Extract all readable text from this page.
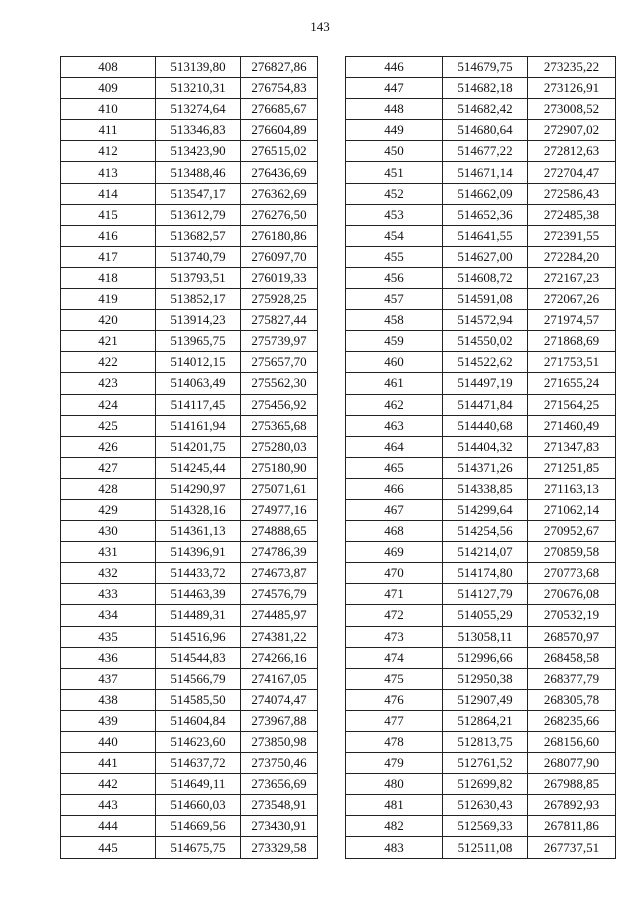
143
408	513139,80	276827,86
409	513210,31	276754,83
410	513274,64	276685,67
411	513346,83	276604,89
412	513423,90	276515,02
413	513488,46	276436,69
414	513547,17	276362,69
415	513612,79	276276,50
416	513682,57	276180,86
417	513740,79	276097,70
418	513793,51	276019,33
419	513852,17	275928,25
420	513914,23	275827,44
421	513965,75	275739,97
422	514012,15	275657,70
423	514063,49	275562,30
424	514117,45	275456,92
425	514161,94	275365,68
426	514201,75	275280,03
427	514245,44	275180,90
428	514290,97	275071,61
429	514328,16	274977,16
430	514361,13	274888,65
431	514396,91	274786,39
432	514433,72	274673,87
433	514463,39	274576,79
434	514489,31	274485,97
435	514516,96	274381,22
436	514544,83	274266,16
437	514566,79	274167,05
438	514585,50	274074,47
439	514604,84	273967,88
440	514623,60	273850,98
441	514637,72	273750,46
442	514649,11	273656,69
443	514660,03	273548,91
444	514669,56	273430,91
445	514675,75	273329,58
446	514679,75	273235,22
447	514682,18	273126,91
448	514682,42	273008,52
449	514680,64	272907,02
450	514677,22	272812,63
451	514671,14	272704,47
452	514662,09	272586,43
453	514652,36	272485,38
454	514641,55	272391,55
455	514627,00	272284,20
456	514608,72	272167,23
457	514591,08	272067,26
458	514572,94	271974,57
459	514550,02	271868,69
460	514522,62	271753,51
461	514497,19	271655,24
462	514471,84	271564,25
463	514440,68	271460,49
464	514404,32	271347,83
465	514371,26	271251,85
466	514338,85	271163,13
467	514299,64	271062,14
468	514254,56	270952,67
469	514214,07	270859,58
470	514174,80	270773,68
471	514127,79	270676,08
472	514055,29	270532,19
473	513058,11	268570,97
474	512996,66	268458,58
475	512950,38	268377,79
476	512907,49	268305,78
477	512864,21	268235,66
478	512813,75	268156,60
479	512761,52	268077,90
480	512699,82	267988,85
481	512630,43	267892,93
482	512569,33	267811,86
483	512511,08	267737,51
